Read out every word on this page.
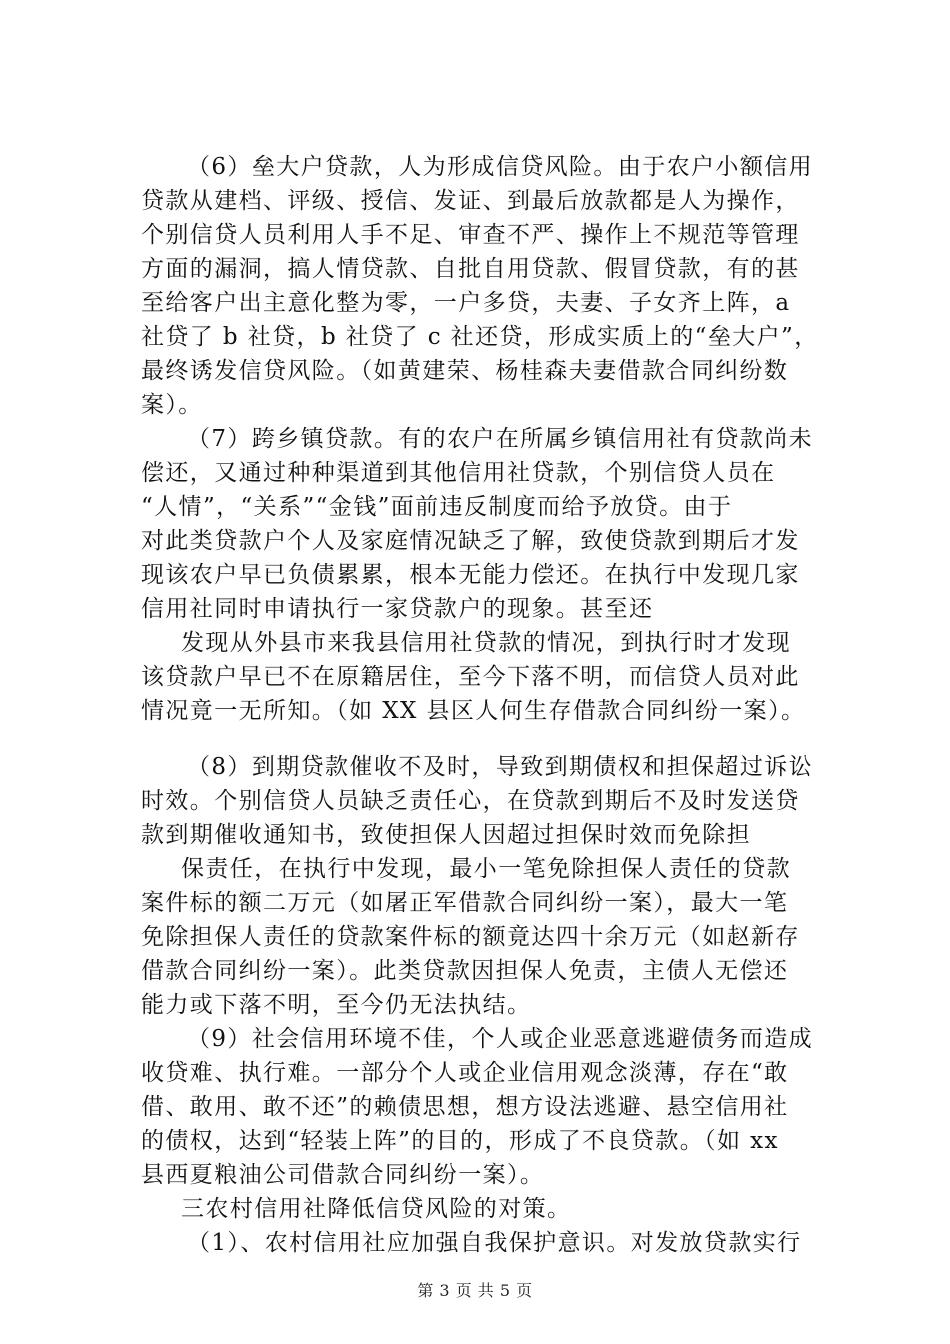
（6）垒大户贷款，人为形成信贷风险。由于农户小额信用
贷款从建档、评级、授信、发证、到最后放款都是人为操作，
个别信贷人员利用人手不足、审查不严、操作上不规范等管理
方面的漏洞，搞人情贷款、自批自用贷款、假冒贷款，有的甚
至给客户出主意化整为零，一户多贷，夫妻、子女齐上阵，a
社贷了 b 社贷，b 社贷了 c 社还贷，形成实质上的“垒大户”，
最终诱发信贷风险。（如黄建荣、杨桂森夫妻借款合同纠纷数
案）。
（7）跨乡镇贷款。有的农户在所属乡镇信用社有贷款尚未
偿还，又通过种种渠道到其他信用社贷款，个别信贷人员在
“人情”，“关系”“金钱”面前违反制度而给予放贷。由于
对此类贷款户个人及家庭情况缺乏了解，致使贷款到期后才发
现该农户早已负债累累，根本无能力偿还。在执行中发现几家
信用社同时申请执行一家贷款户的现象。甚至还
发现从外县市来我县信用社贷款的情况，到执行时才发现
该贷款户早已不在原籍居住，至今下落不明，而信贷人员对此
情况竟一无所知。（如 XX 县区人何生存借款合同纠纷一案）。
（8）到期贷款催收不及时，导致到期债权和担保超过诉讼
时效。个别信贷人员缺乏责任心，在贷款到期后不及时发送贷
款到期催收通知书，致使担保人因超过担保时效而免除担
保责任，在执行中发现，最小一笔免除担保人责任的贷款
案件标的额二万元（如屠正军借款合同纠纷一案），最大一笔
免除担保人责任的贷款案件标的额竟达四十余万元（如赵新存
借款合同纠纷一案）。此类贷款因担保人免责，主债人无偿还
能力或下落不明，至今仍无法执结。
（9）社会信用环境不佳，个人或企业恶意逃避债务而造成
收贷难、执行难。一部分个人或企业信用观念淡薄，存在“敢
借、敢用、敢不还”的赖债思想，想方设法逃避、悬空信用社
的债权，达到“轻装上阵”的目的，形成了不良贷款。（如 xx
县西夏粮油公司借款合同纠纷一案）。
三农村信用社降低信贷风险的对策。
（1）、农村信用社应加强自我保护意识。对发放贷款实行
第 3 页 共 5 页
